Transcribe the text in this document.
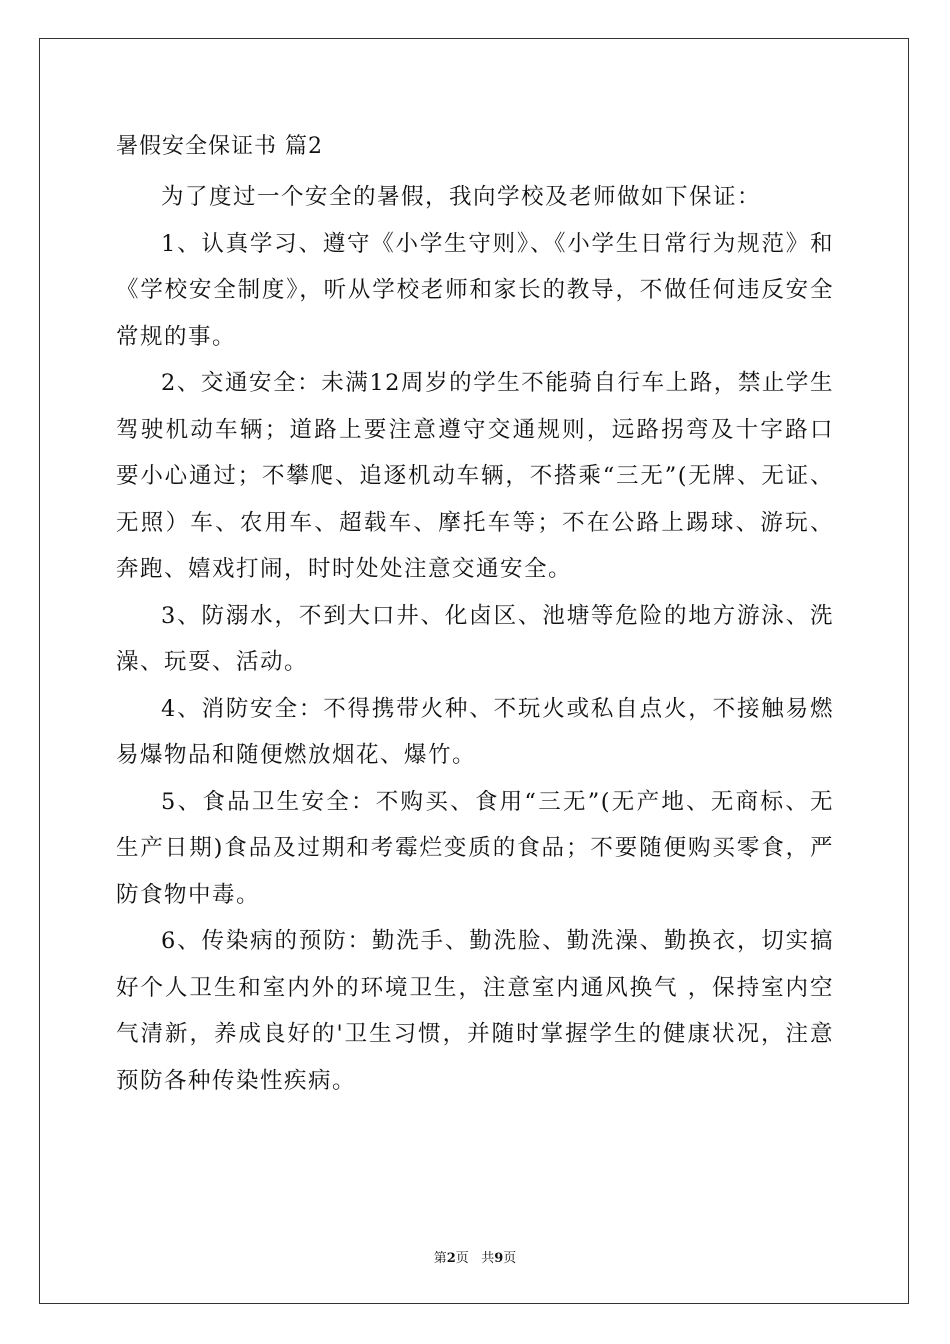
暑假安全保证书 篇2

为了度过一个安全的暑假，我向学校及老师做如下保证：

1、认真学习、遵守《小学生守则》、《小学生日常行为规范》和《学校安全制度》，听从学校老师和家长的教导，不做任何违反安全常规的事。

2、交通安全：未满12周岁的学生不能骑自行车上路，禁止学生驾驶机动车辆；道路上要注意遵守交通规则，远路拐弯及十字路口要小心通过；不攀爬、追逐机动车辆，不搭乘“三无”(无牌、无证、无照）车、农用车、超载车、摩托车等；不在公路上踢球、游玩、奔跑、嬉戏打闹，时时处处注意交通安全。

3、防溺水，不到大口井、化卤区、池塘等危险的地方游泳、洗澡、玩耍、活动。

4、消防安全：不得携带火种、不玩火或私自点火，不接触易燃易爆物品和随便燃放烟花、爆竹。

5、食品卫生安全：不购买、食用“三无”(无产地、无商标、无生产日期)食品及过期和考霉烂变质的食品；不要随便购买零食，严防食物中毒。

6、传染病的预防：勤洗手、勤洗脸、勤洗澡、勤换衣，切实搞好个人卫生和室内外的环境卫生，注意室内通风换气 ，保持室内空气清新，养成良好的'卫生习惯，并随时掌握学生的健康状况，注意预防各种传染性疾病。

第2页   共9页
